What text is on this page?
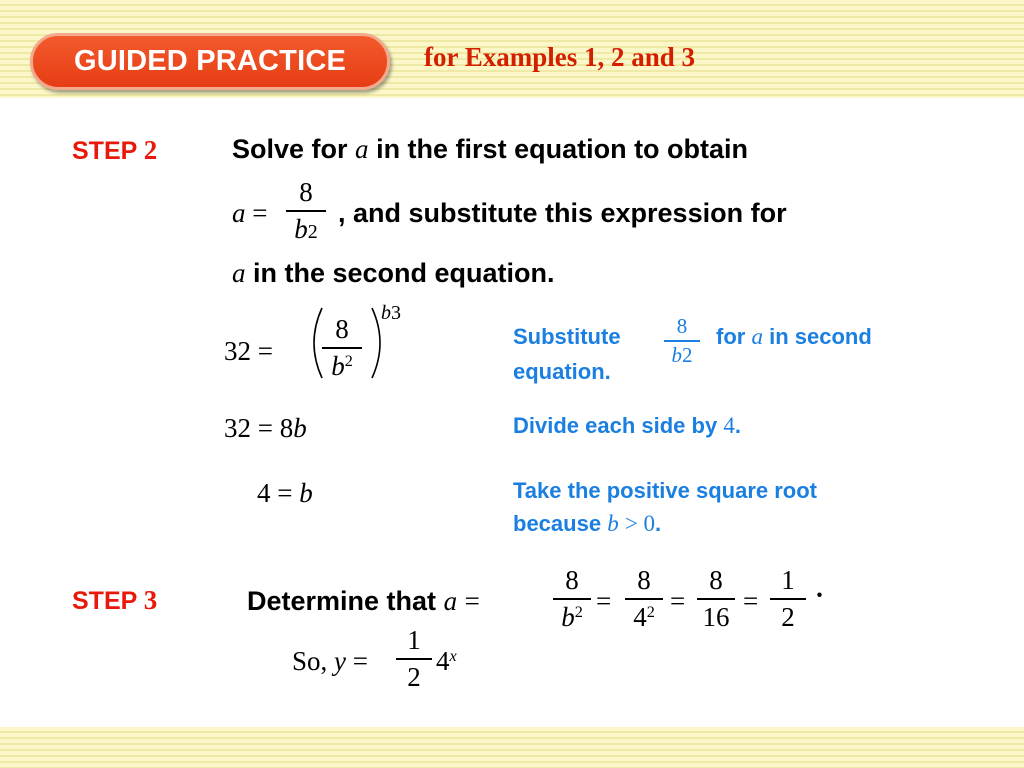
GUIDED PRACTICE	for Examples 1, 2 and 3
STEP 2	Solve for a in the first equation to obtain
a =
8
b2
, and substitute this expression for
a in the second equation.
32 =
8
$b^2$
b3
Substitute	8
b2
for a in second
equation.
32 = 8b	Divide each side by 4.
4 = b	Take the positive square root
because b > 0.
STEP 3	Determine that a =
8
$b^2$ =
8
$4^2$ =
8
16
=
1
2
·
So, y =
1
2
4$^x$
